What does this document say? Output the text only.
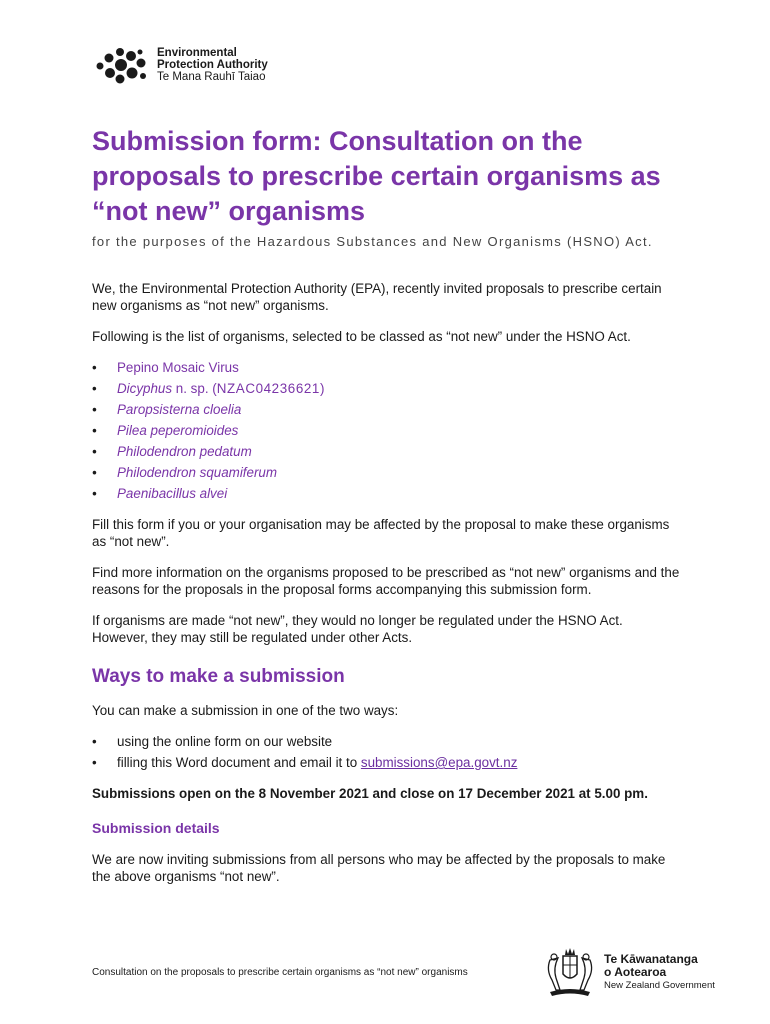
Environmental
Protection Authority
Te Mana Rauhī Taiao
Submission form: Consultation on the proposals to prescribe certain organisms as “not new” organisms

for the purposes of the Hazardous Substances and New Organisms (HSNO) Act.

We, the Environmental Protection Authority (EPA), recently invited proposals to prescribe certain new organisms as “not new” organisms.

Following is the list of organisms, selected to be classed as “not new” under the HSNO Act.

• Pepino Mosaic Virus
• Dicyphus n. sp. (NZAC04236621)
• Paropsisterna cloelia
• Pilea peperomioides
• Philodendron pedatum
• Philodendron squamiferum
• Paenibacillus alvei

Fill this form if you or your organisation may be affected by the proposal to make these organisms as “not new”.

Find more information on the organisms proposed to be prescribed as “not new” organisms and the reasons for the proposals in the proposal forms accompanying this submission form.

If organisms are made “not new”, they would no longer be regulated under the HSNO Act. However, they may still be regulated under other Acts.

Ways to make a submission

You can make a submission in one of the two ways:

• using the online form on our website
• filling this Word document and email it to submissions@epa.govt.nz

Submissions open on the 8 November 2021 and close on 17 December 2021 at 5.00 pm.

Submission details

We are now inviting submissions from all persons who may be affected by the proposals to make the above organisms “not new”.

Consultation on the proposals to prescribe certain organisms as “not new” organisms
Te Kāwanatanga
o Aotearoa
New Zealand Government
